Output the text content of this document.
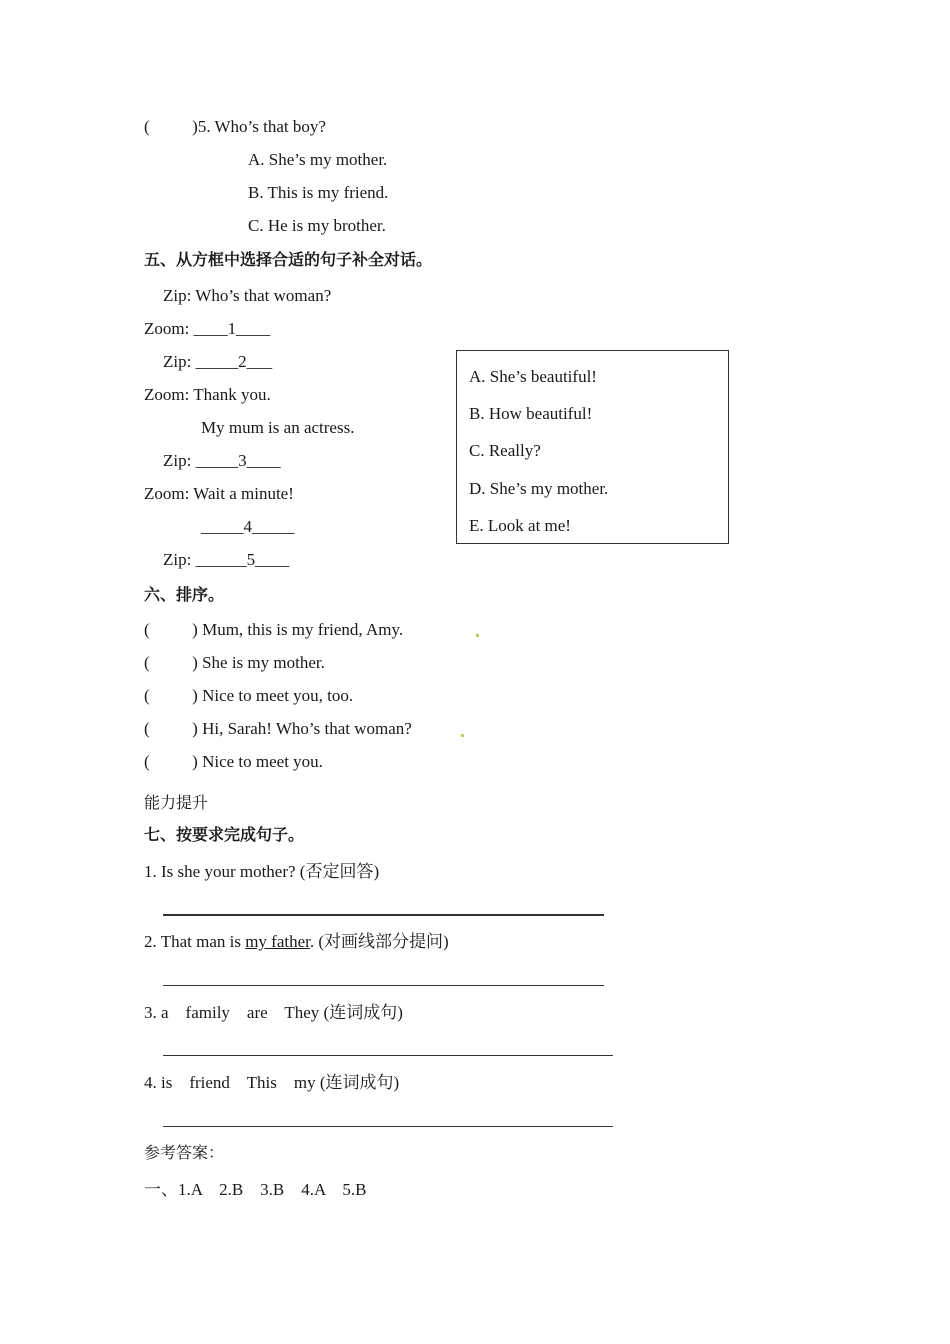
(          )5. Who’s that boy?
A. She’s my mother.
B. This is my friend.
C. He is my brother.
五、从方框中选择合适的句子补全对话。
Zip: Who’s that woman?
Zoom: ____1____
Zip: _____2___
Zoom: Thank you.
My mum is an actress.
Zip: _____3____
Zoom: Wait a minute!
_____4_____
Zip: ______5____
A. She’s beautiful!
B. How beautiful!
C. Really?
D. She’s my mother.
E. Look at me!
六、排序。
(          ) Mum, this is my friend, Amy.
(          ) She is my mother.
(          ) Nice to meet you, too.
(          ) Hi, Sarah! Who’s that woman?
(          ) Nice to meet you.
能力提升
七、按要求完成句子。
1. Is she your mother? (否定回答)
2. That man is my father. (对画线部分提问)
3. a    family    are    They (连词成句)
4. is    friend    This    my (连词成句)
参考答案：
一、1.A    2.B    3.B    4.A    5.B
